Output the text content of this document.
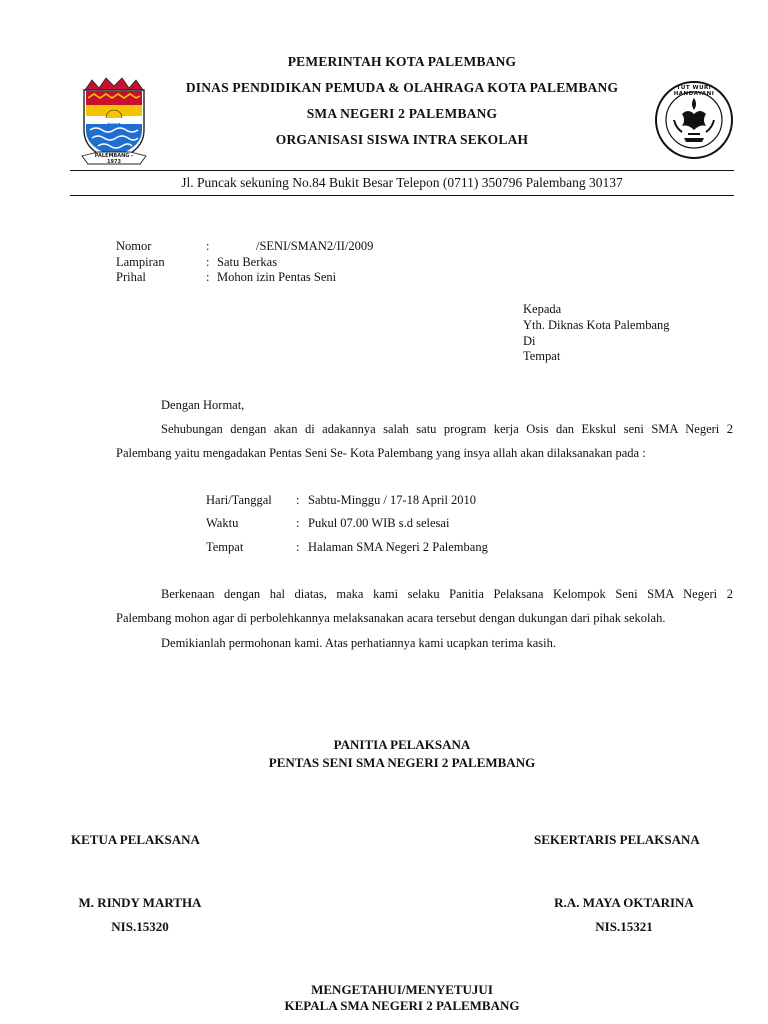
PALEMBANG - 1973
TUT WURI HANDAYANI
PEMERINTAH KOTA PALEMBANG
DINAS PENDIDIKAN PEMUDA & OLAHRAGA KOTA PALEMBANG
SMA NEGERI 2 PALEMBANG
ORGANISASI SISWA INTRA SEKOLAH
Jl. Puncak sekuning No.84 Bukit Besar Telepon (0711) 350796 Palembang 30137
Nomor	:	/SENI/SMAN2/II/2009
Lampiran	: Satu Berkas
Prihal	: Mohon izin Pentas Seni
Kepada
Yth. Diknas Kota Palembang
Di
Tempat
Dengan Hormat,
Sehubungan dengan akan di adakannya salah satu program kerja Osis dan Ekskul seni SMA Negeri 2
Palembang yaitu mengadakan Pentas Seni Se- Kota Palembang yang insya allah akan dilaksanakan pada :
Hari/Tanggal : Sabtu-Minggu / 17-18 April 2010
Waktu	: Pukul 07.00 WIB s.d selesai
Tempat	: Halaman SMA Negeri 2 Palembang
Berkenaan dengan hal diatas, maka kami selaku Panitia Pelaksana Kelompok Seni SMA Negeri 2
Palembang mohon agar di perbolehkannya melaksanakan acara tersebut dengan dukungan dari pihak sekolah.
Demikianlah permohonan kami. Atas perhatiannya kami ucapkan terima kasih.
PANITIA PELAKSANA
PENTAS SENI SMA NEGERI 2 PALEMBANG
KETUA PELAKSANA	SEKERTARIS PELAKSANA
M. RINDY MARTHA
NIS.15320
R.A. MAYA OKTARINA
NIS.15321
MENGETAHUI/MENYETUJUI
KEPALA SMA NEGERI 2 PALEMBANG
